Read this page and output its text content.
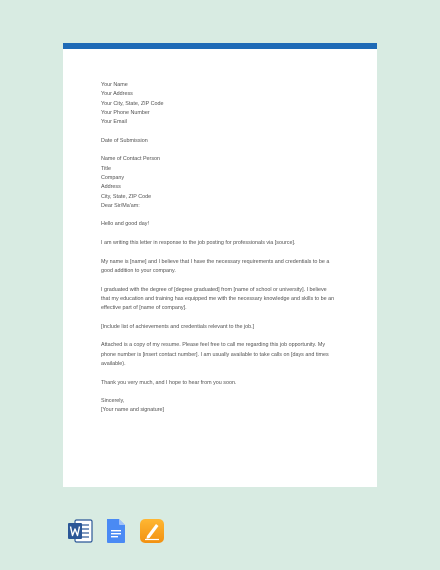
Your Name
Your Address
Your City, State, ZIP Code
Your Phone Number
Your Email
Date of Submission
Name of Contact Person
Title
Company
Address
City, State, ZIP Code
Dear Sir/Ma'am:
Hello and good day!
I am writing this letter in response to the job posting for professionals via [source].
My name is [name] and I believe that I have the necessary requirements and credentials to be a
good addition to your company.
I graduated with the degree of [degree graduated] from [name of school or university]. I believe
that my education and training has equipped me with the necessary knowledge and skills to be an
effective part of [name of company].
[Include list of achievements and credentials relevant to the job.]
Attached is a copy of my resume. Please feel free to call me regarding this job opportunity. My
phone number is [insert contact number]. I am usually available to take calls on [days and times
available).
Thank you very much, and I hope to hear from you soon.
Sincerely,
[Your name and signature]
